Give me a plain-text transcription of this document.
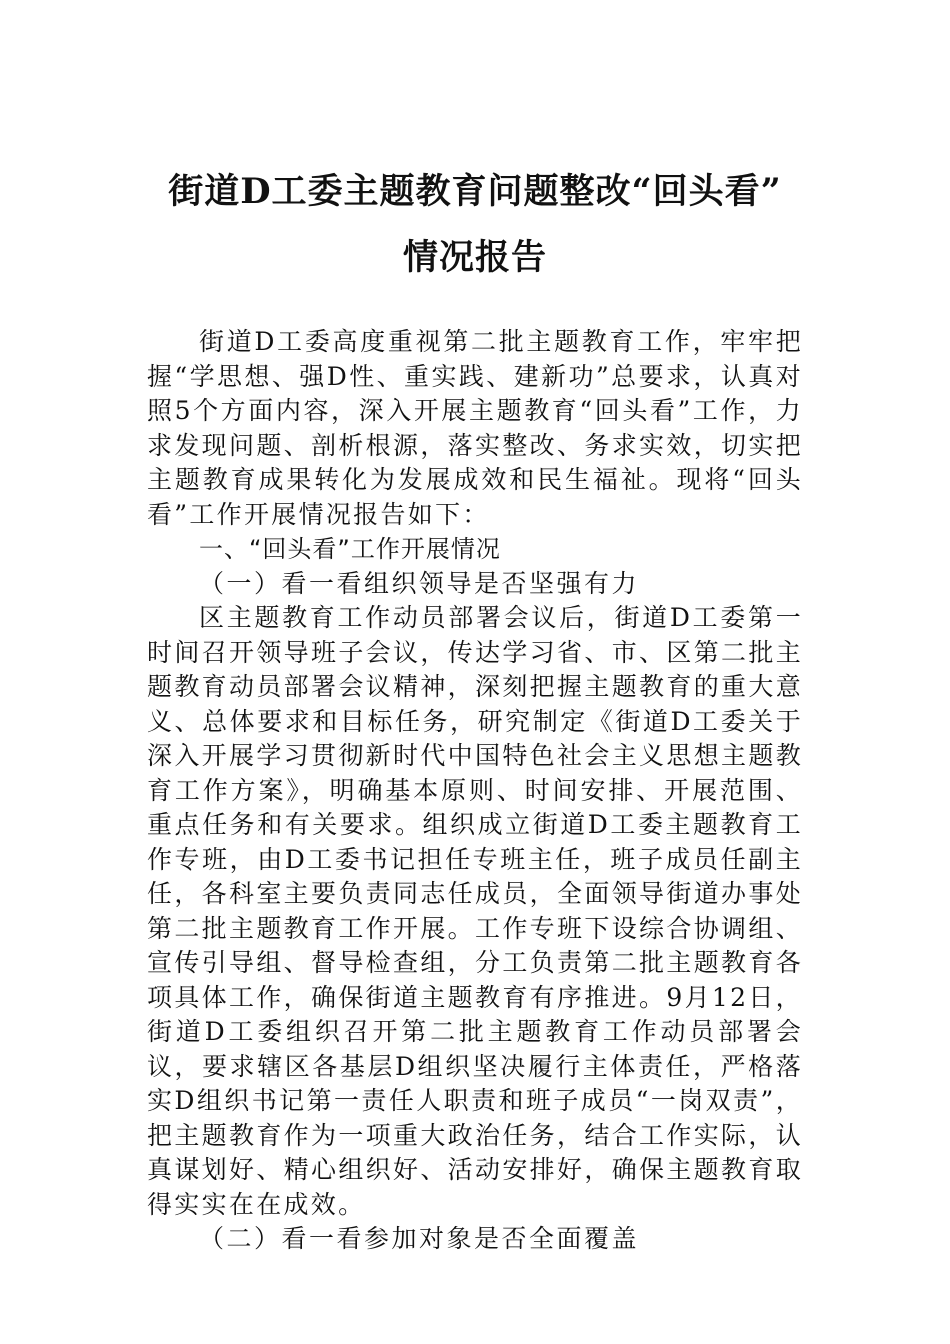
街道D工委主题教育问题整改“回头看”
情况报告

街道D工委高度重视第二批主题教育工作，牢牢把握“学思想、强D性、重实践、建新功”总要求，认真对照5个方面内容，深入开展主题教育“回头看”工作，力求发现问题、剖析根源，落实整改、务求实效，切实把主题教育成果转化为发展成效和民生福祉。现将“回头看”工作开展情况报告如下：

一、“回头看”工作开展情况

（一）看一看组织领导是否坚强有力

区主题教育工作动员部署会议后，街道D工委第一时间召开领导班子会议，传达学习省、市、区第二批主题教育动员部署会议精神，深刻把握主题教育的重大意义、总体要求和目标任务，研究制定《街道D工委关于深入开展学习贯彻新时代中国特色社会主义思想主题教育工作方案》，明确基本原则、时间安排、开展范围、重点任务和有关要求。组织成立街道D工委主题教育工作专班，由D工委书记担任专班主任，班子成员任副主任，各科室主要负责同志任成员，全面领导街道办事处第二批主题教育工作开展。工作专班下设综合协调组、宣传引导组、督导检查组，分工负责第二批主题教育各项具体工作，确保街道主题教育有序推进。9月12日，街道D工委组织召开第二批主题教育工作动员部署会议，要求辖区各基层D组织坚决履行主体责任，严格落实D组织书记第一责任人职责和班子成员“一岗双责”，把主题教育作为一项重大政治任务，结合工作实际，认真谋划好、精心组织好、活动安排好，确保主题教育取得实实在在成效。

（二）看一看参加对象是否全面覆盖
